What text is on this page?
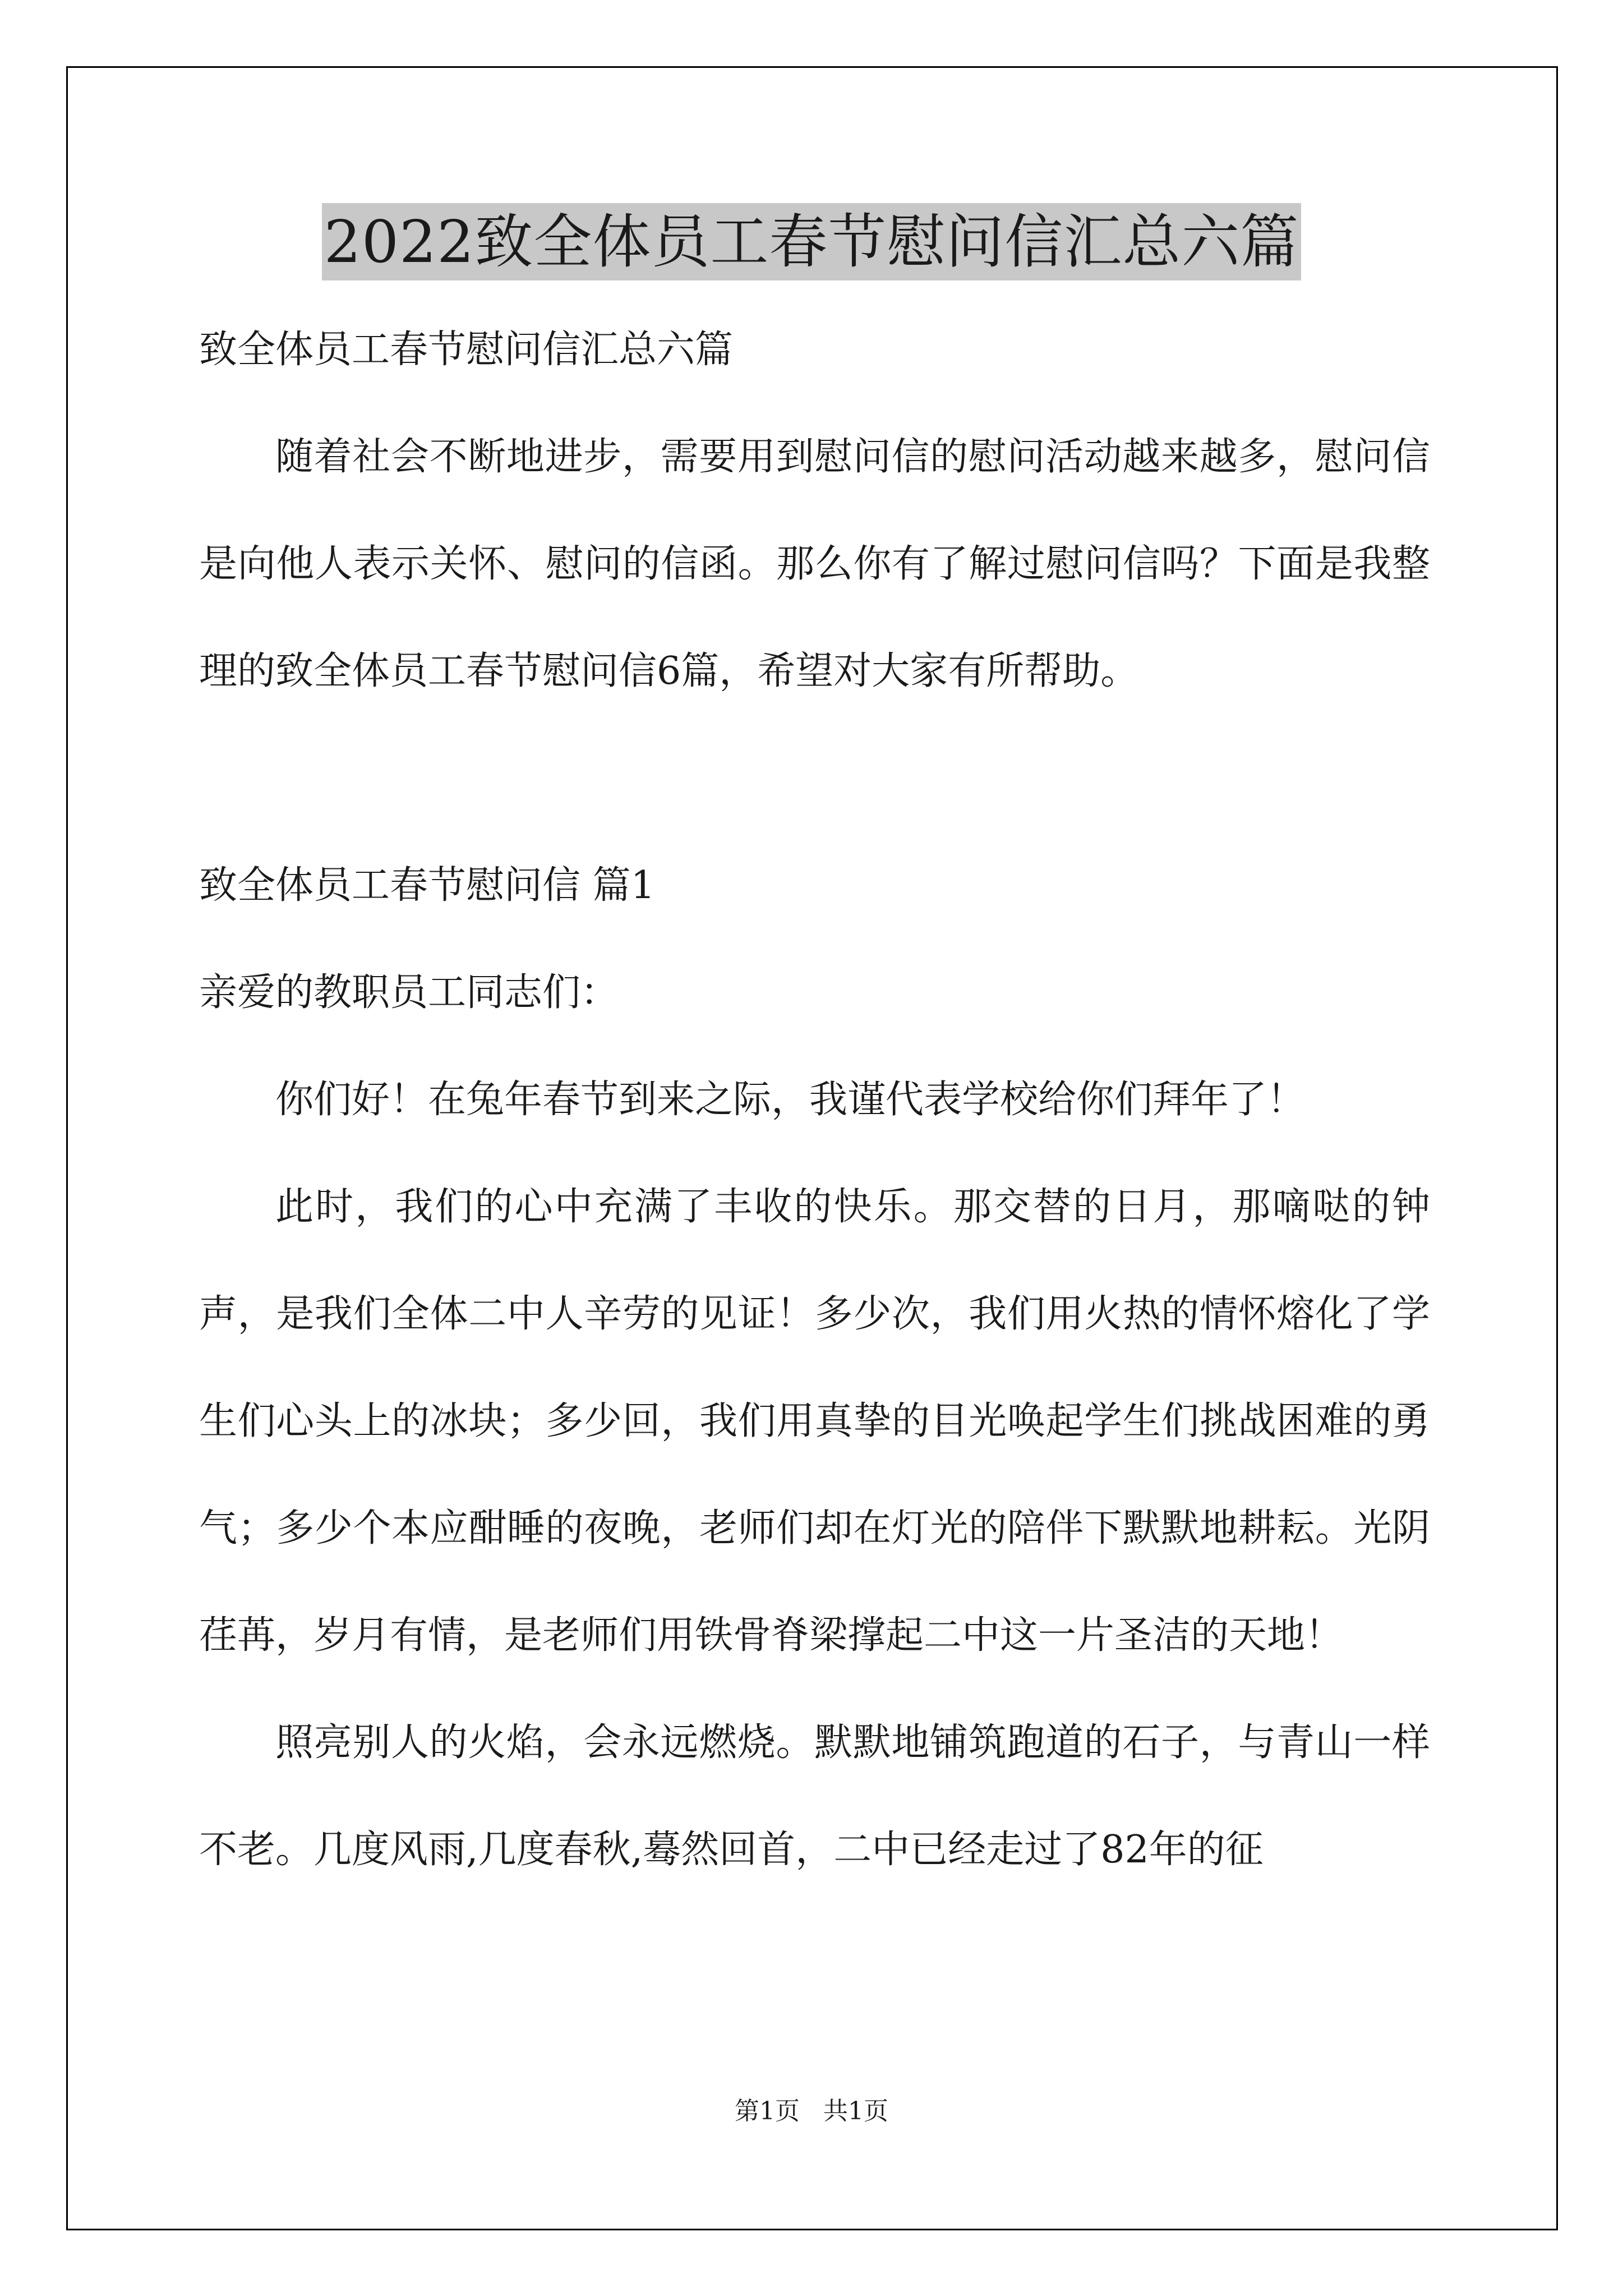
2022致全体员工春节慰问信汇总六篇
致全体员工春节慰问信汇总六篇

随着社会不断地进步，需要用到慰问信的慰问活动越来越多，慰问信是向他人表示关怀、慰问的信函。那么你有了解过慰问信吗？下面是我整理的致全体员工春节慰问信6篇，希望对大家有所帮助。

致全体员工春节慰问信 篇1
亲爱的教职员工同志们：

你们好！在兔年春节到来之际，我谨代表学校给你们拜年了！

此时，我们的心中充满了丰收的快乐。那交替的日月，那嘀哒的钟声，是我们全体二中人辛劳的见证！多少次，我们用火热的情怀熔化了学生们心头上的冰块；多少回，我们用真挚的目光唤起学生们挑战困难的勇气；多少个本应酣睡的夜晚，老师们却在灯光的陪伴下默默地耕耘。光阴荏苒，岁月有情，是老师们用铁骨脊梁撑起二中这一片圣洁的天地！

照亮别人的火焰，会永远燃烧。默默地铺筑跑道的石子，与青山一样不老。几度风雨,几度春秋,蓦然回首，二中已经走过了82年的征

第1页 共1页
